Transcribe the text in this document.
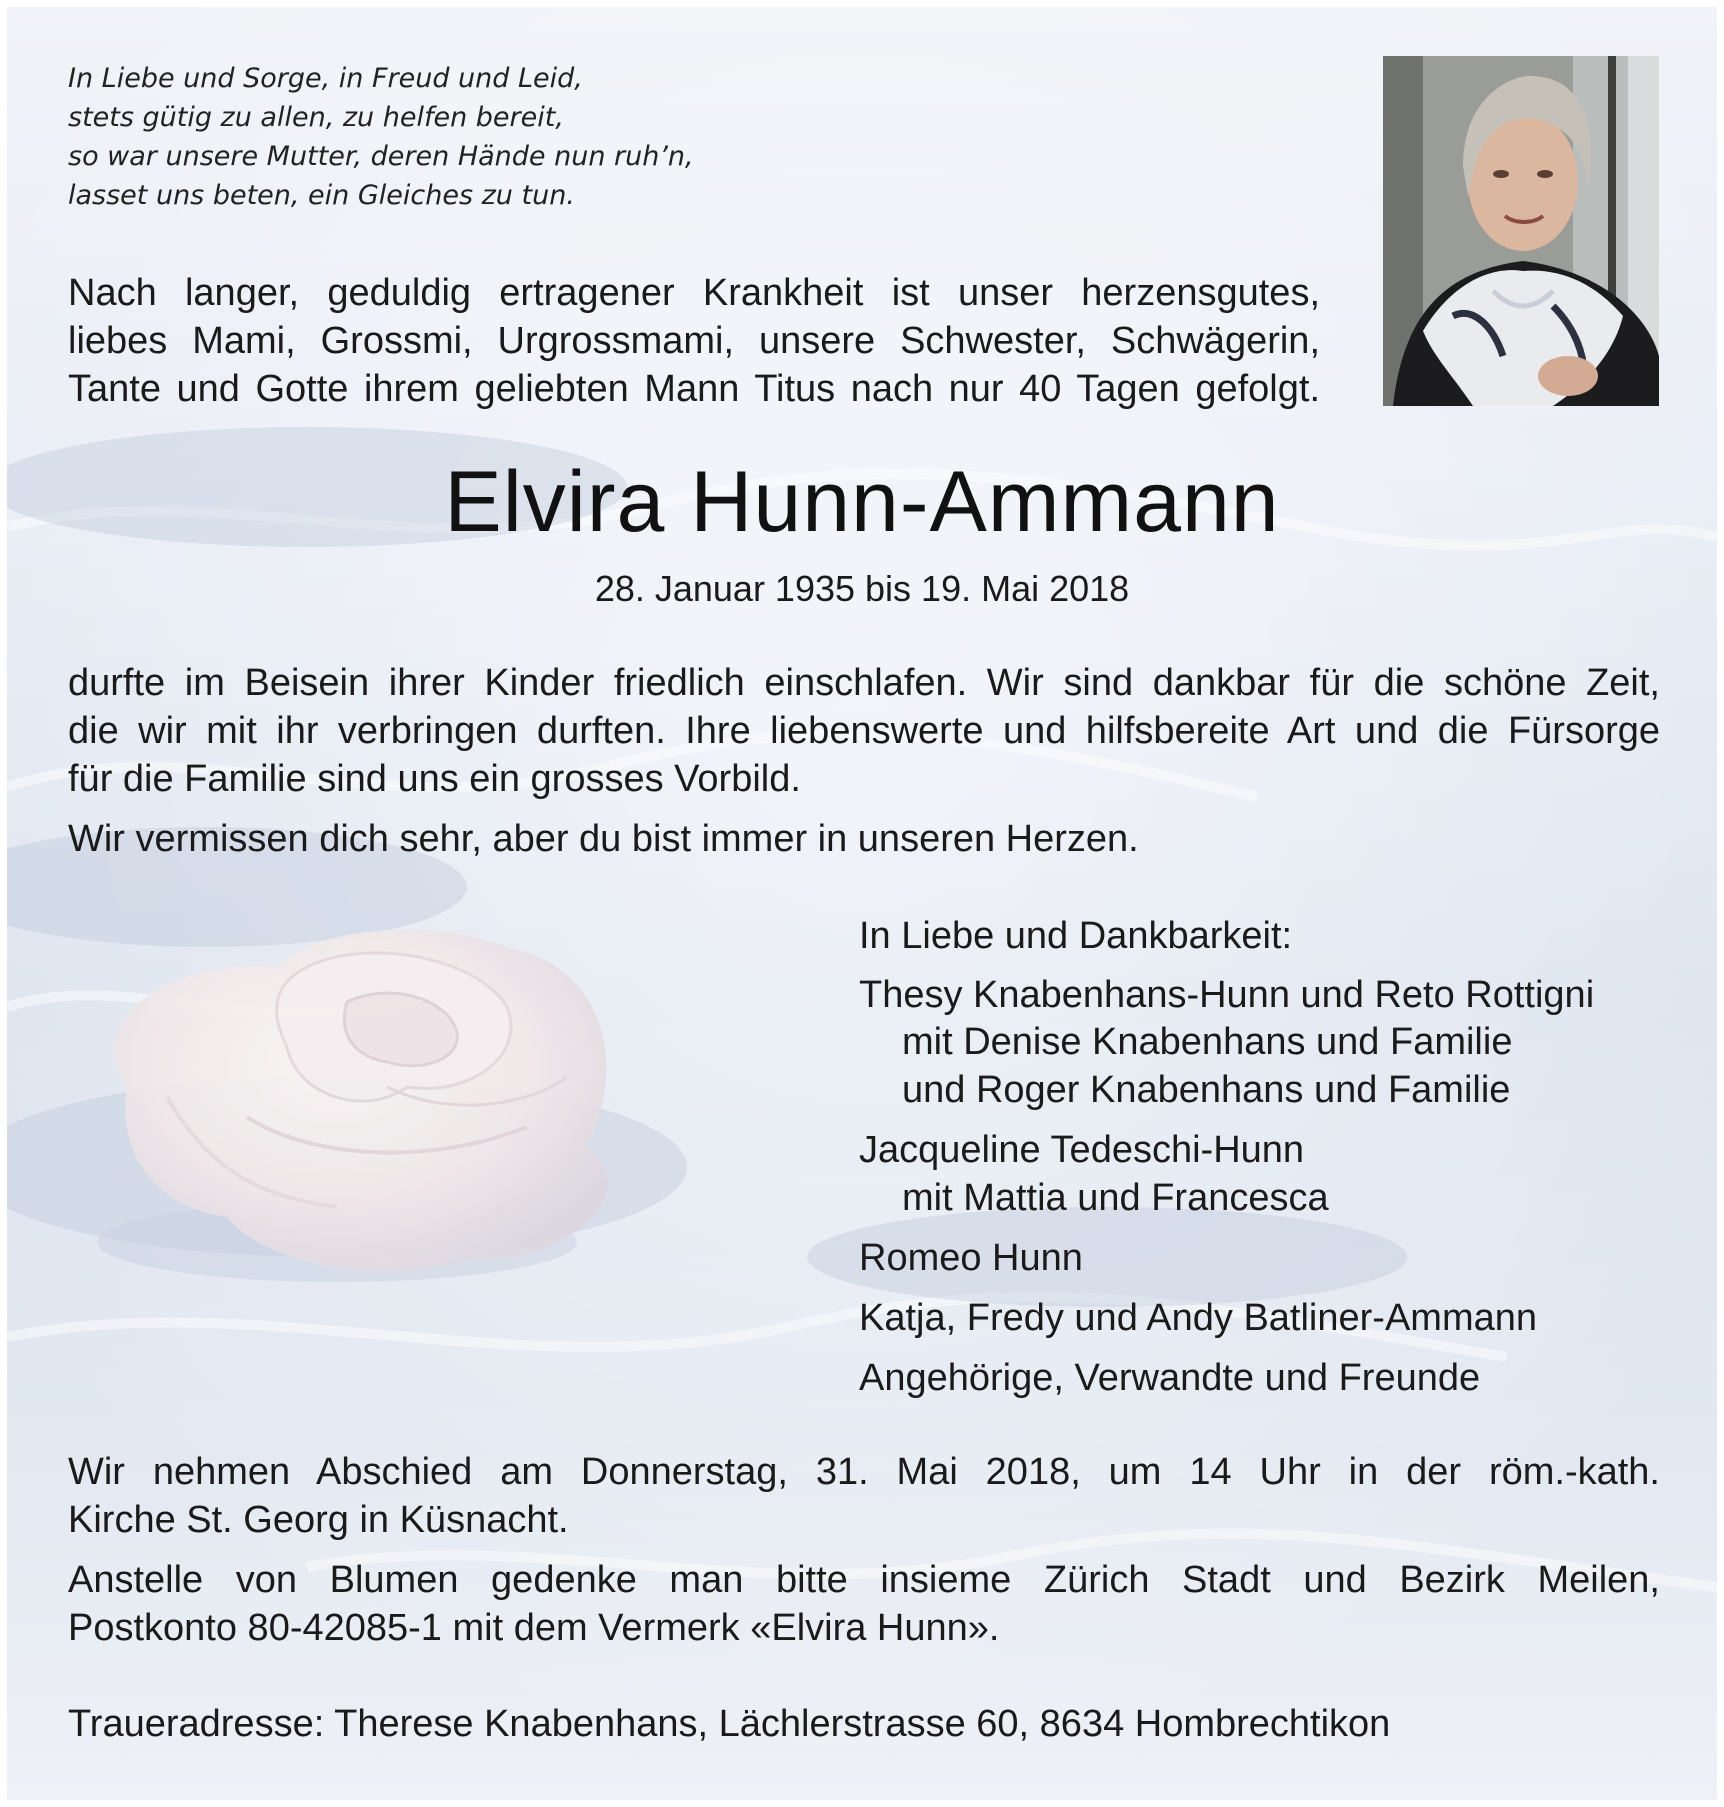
In Liebe und Sorge, in Freud und Leid,

stets gütig zu allen, zu helfen bereit,

so war unsere Mutter, deren Hände nun ruh’n,

lasset uns beten, ein Gleiches zu tun.

Nach langer, geduldig ertragener Krankheit ist unser herzensgutes,

liebes Mami, Grossmi, Urgrossmami, unsere Schwester, Schwägerin,

Tante und Gotte ihrem geliebten Mann Titus nach nur 40 Tagen gefolgt.

Elvira Hunn-Ammann

28. Januar 1935 bis 19. Mai 2018

durfte im Beisein ihrer Kinder friedlich einschlafen. Wir sind dankbar für die schöne Zeit,

die wir mit ihr verbringen durften. Ihre liebenswerte und hilfsbereite Art und die Fürsorge

für die Familie sind uns ein grosses Vorbild.

Wir vermissen dich sehr, aber du bist immer in unseren Herzen.

In Liebe und Dankbarkeit:

Thesy Knabenhans-Hunn und Reto Rottigni

mit Denise Knabenhans und Familie

und Roger Knabenhans und Familie

Jacqueline Tedeschi-Hunn

mit Mattia und Francesca

Romeo Hunn

Katja, Fredy und Andy Batliner-Ammann

Angehörige, Verwandte und Freunde

Wir nehmen Abschied am Donnerstag, 31. Mai 2018, um 14 Uhr in der röm.-kath.

Kirche St. Georg in Küsnacht.

Anstelle von Blumen gedenke man bitte insieme Zürich Stadt und Bezirk Meilen,

Postkonto 80-42085-1 mit dem Vermerk «Elvira Hunn».

Traueradresse: Therese Knabenhans, Lächlerstrasse 60, 8634 Hombrechtikon
